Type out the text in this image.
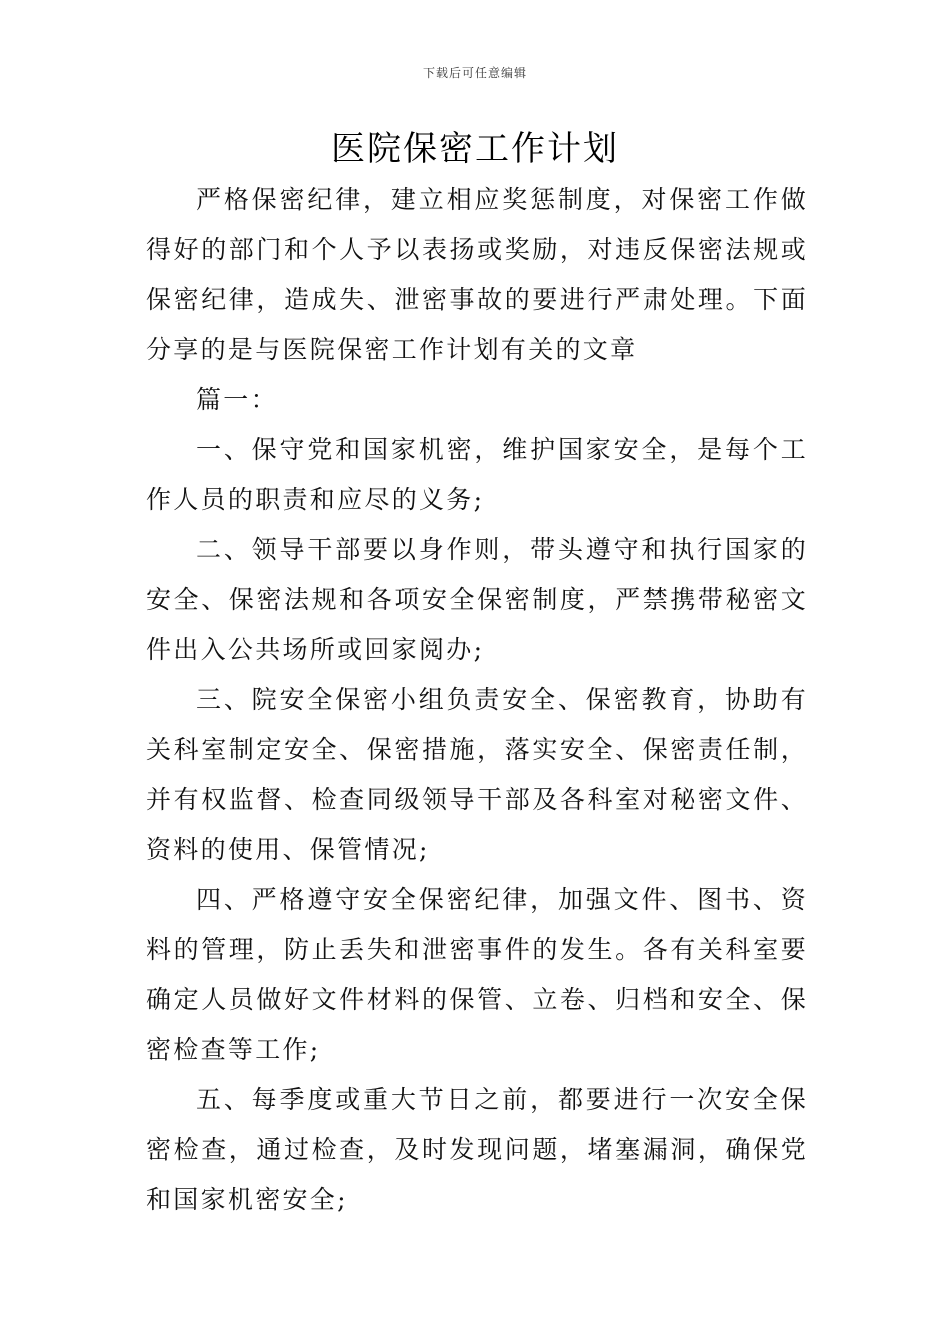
下载后可任意编辑
医院保密工作计划

严格保密纪律，建立相应奖惩制度，对保密工作做得好的部门和个人予以表扬或奖励，对违反保密法规或保密纪律，造成失、泄密事故的要进行严肃处理。下面分享的是与医院保密工作计划有关的文章

篇一：

一、保守党和国家机密，维护国家安全，是每个工作人员的职责和应尽的义务;

二、领导干部要以身作则，带头遵守和执行国家的安全、保密法规和各项安全保密制度，严禁携带秘密文件出入公共场所或回家阅办;

三、院安全保密小组负责安全、保密教育，协助有关科室制定安全、保密措施，落实安全、保密责任制，并有权监督、检查同级领导干部及各科室对秘密文件、资料的使用、保管情况;

四、严格遵守安全保密纪律，加强文件、图书、资料的管理，防止丢失和泄密事件的发生。各有关科室要确定人员做好文件材料的保管、立卷、归档和安全、保密检查等工作;

五、每季度或重大节日之前，都要进行一次安全保密检查，通过检查，及时发现问题，堵塞漏洞，确保党和国家机密安全;
